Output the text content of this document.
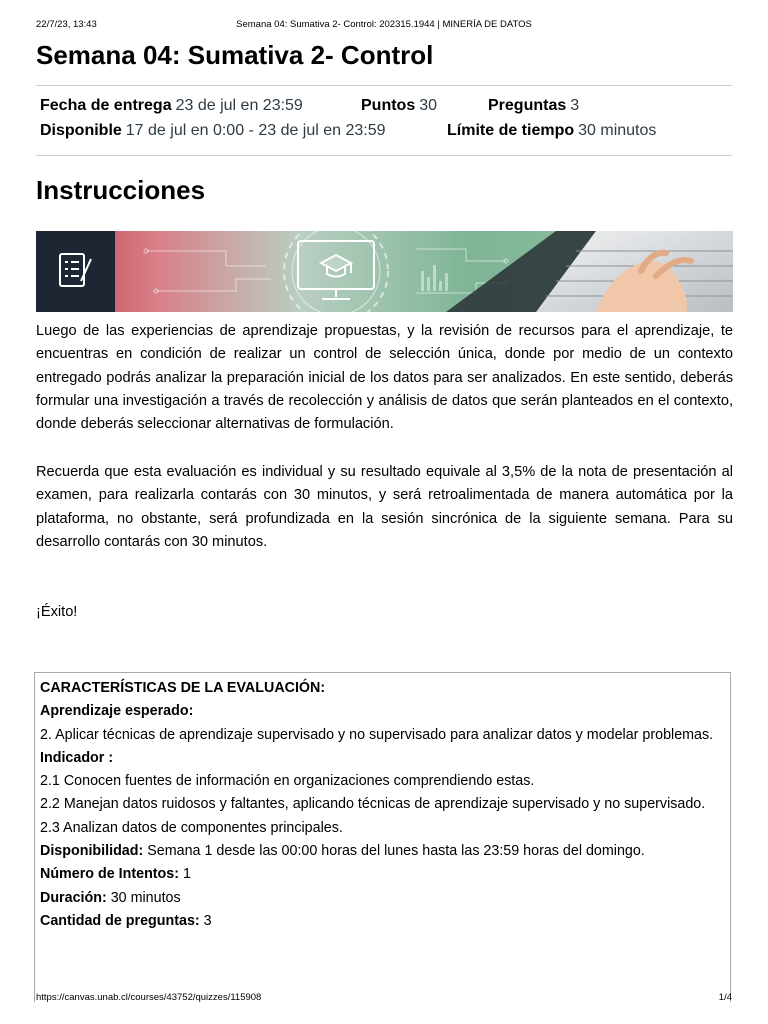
22/7/23, 13:43	Semana 04: Sumativa 2- Control: 202315.1944 | MINERÍA DE DATOS
Semana 04: Sumativa 2- Control
Fecha de entrega 23 de jul en 23:59	Puntos 30	Preguntas 3
Disponible 17 de jul en 0:00 - 23 de jul en 23:59	Límite de tiempo 30 minutos
Instrucciones

Luego de las experiencias de aprendizaje propuestas, y la revisión de recursos para el aprendizaje, te encuentras en condición de realizar un control de selección única, donde por medio de un contexto entregado podrás analizar la preparación inicial de los datos para ser analizados. En este sentido, deberás formular una investigación a través de recolección y análisis de datos que serán planteados en el contexto, donde deberás seleccionar alternativas de formulación.

Recuerda que esta evaluación es individual y su resultado equivale al 3,5% de la nota de presentación al examen, para realizarla contarás con 30 minutos, y será retroalimentada de manera automática por la plataforma, no obstante, será profundizada en la sesión sincrónica de la siguiente semana. Para su desarrollo contarás con 30 minutos.

¡Éxito!

CARACTERÍSTICAS DE LA EVALUACIÓN:

Aprendizaje esperado:

2. Aplicar técnicas de aprendizaje supervisado y no supervisado para analizar datos y modelar problemas.

Indicador :

2.1 Conocen fuentes de información en organizaciones comprendiendo estas.

2.2 Manejan datos ruidosos y faltantes, aplicando técnicas de aprendizaje supervisado y no supervisado.

2.3 Analizan datos de componentes principales.

Disponibilidad: Semana 1 desde las 00:00 horas del lunes hasta las 23:59 horas del domingo.

Número de Intentos: 1

Duración: 30 minutos

Cantidad de preguntas: 3

https://canvas.unab.cl/courses/43752/quizzes/115908	1/4
